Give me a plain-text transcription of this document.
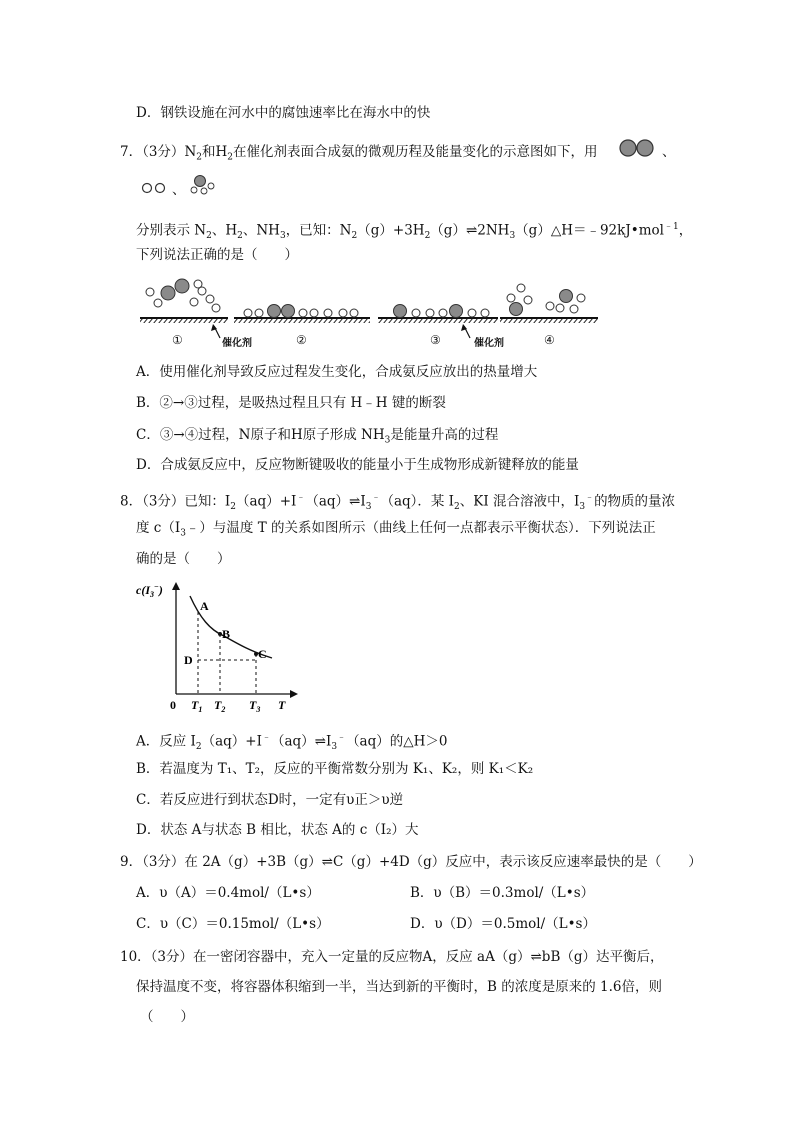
D．钢铁设施在河水中的腐蚀速率比在海水中的快
7．（3分）$N_2$和$H_2$在催化剂表面合成氨的微观历程及能量变化的示意图如下，用	、
、
分别表示 $N_2$、$H_2$、$NH_3$，已知：$N_2(g)+3H_2(g)\rightleftharpoons 2NH_3(g)\triangle H=﹣92kJ•mol^{﹣1}$，
下列说法正确的是（　　）
①	催化剂	②	③	催化剂	④
A．使用催化剂导致反应过程发生变化，合成氨反应放出的热量增大
B．②→③过程，是吸热过程且只有 H﹣H 键的断裂
C．③→④过程，N原子和H原子形成 $NH_3$是能量升高的过程
D．合成氨反应中，反应物断键吸收的能量小于生成物形成新键释放的能量
8．（3分）已知：$I_2(aq)+I^﹣(aq)\rightleftharpoons I_3^﹣(aq)$．某 $I_2$、KI 混合溶液中，$I_3^﹣$的物质的量浓
度 $c(I_3﹣)$与温度 T 的关系如图所示（曲线上任何一点都表示平衡状态）．下列说法正
确的是（　　）
$c(I_3^-)$
A
B
C
D
0 $T_1$ $T_2$ $T_3$ T
A．反应 $I_2(aq)+I^﹣(aq)\rightleftharpoons I_3^﹣(aq)$的△H＞0
B．若温度为 T₁、T₂，反应的平衡常数分别为 K₁、K₂，则 K₁＜K₂
C．若反应进行到状态D时，一定有υ正＞υ逆
D．状态 A与状态 B 相比，状态 A的 c（I₂）大
9．（3分）在 2A（g）+3B（g）⇌C（g）+4D（g）反应中，表示该反应速率最快的是（　　）
A．υ（A）＝0.4mol/（L•s）	B．υ（B）＝0.3mol/（L•s）
C．υ（C）＝0.15mol/（L•s）	D．υ（D）＝0.5mol/（L•s）
10．（3分）在一密闭容器中，充入一定量的反应物A，反应 aA（g）⇌bB（g）达平衡后，
保持温度不变，将容器体积缩到一半，当达到新的平衡时，B 的浓度是原来的 1.6倍，则
（　　）
